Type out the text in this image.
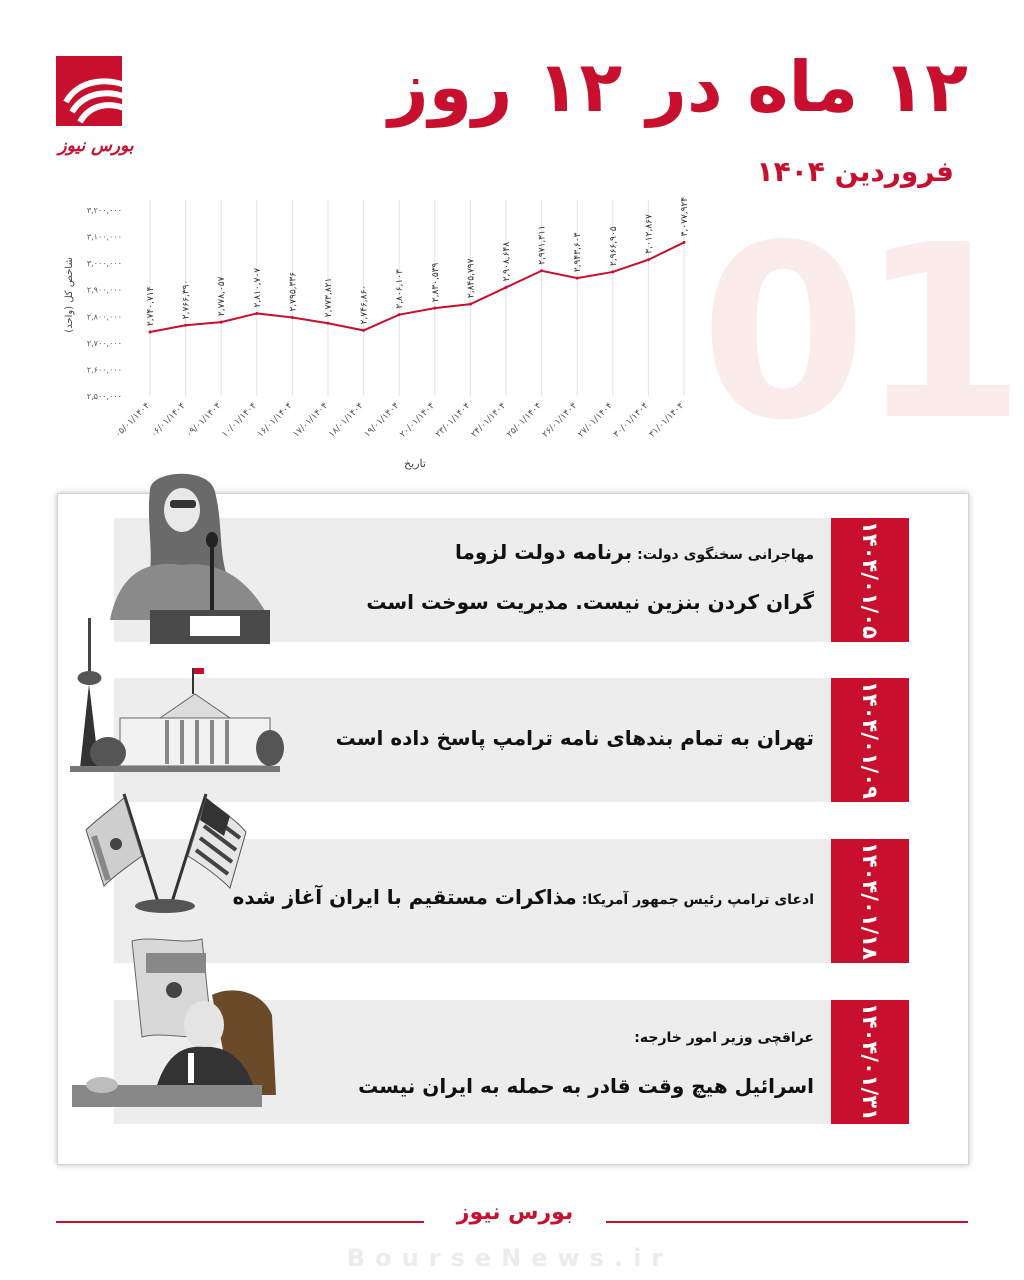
بورس نیوز
۱۲ ماه در ۱۲ روز
فروردین ۱۴۰۴
01
۳,۲۰۰,۰۰۰
۳,۱۰۰,۰۰۰
۳,۰۰۰,۰۰۰
۲,۹۰۰,۰۰۰
۲,۸۰۰,۰۰۰
۲,۷۰۰,۰۰۰
۲,۶۰۰,۰۰۰
۲,۵۰۰,۰۰۰
۰۵/۰۱/۱۴۰۴
۰۶/۰۱/۱۴۰۴
۰۹/۰۱/۱۴۰۴
۱۰/۰۱/۱۴۰۴
۱۶/۰۱/۱۴۰۴
۱۷/۰۱/۱۴۰۴
۱۸/۰۱/۱۴۰۴
۱۹/۰۱/۱۴۰۴
۲۰/۰۱/۱۴۰۴
۲۳/۰۱/۱۴۰۴
۲۴/۰۱/۱۴۰۴
۲۵/۰۱/۱۴۰۴
۲۶/۰۱/۱۴۰۴
۲۷/۰۱/۱۴۰۴
۳۰/۰۱/۱۴۰۴
۳۱/۰۱/۱۴۰۴
۲,۷۴۰,۷۱۴	۲,۷۶۶,۳۹۰	۲,۷۷۸,۰۵۷	۲,۸۱۰,۷۰۷	۲,۷۹۵,۳۳۶	۲,۷۷۳,۸۲۱	۲,۷۴۶,۸۶۰	۲,۸۰۶,۱۰۳	۲,۸۳۰,۵۳۹	۲,۸۴۵,۷۹۷	۲,۹۰۸,۶۴۸	۲,۹۷۱,۳۱۱	۲,۹۴۳,۶۰۳	۲,۹۶۶,۹۰۵	۳,۰۱۲,۸۶۷	۳,۰۷۷,۹۲۴
شاخص کل (واحد)
تاریخ
۱۴۰۴/۰۱/۰۵
مهاجرانی سخنگوی دولت: برنامه دولت لزوما
گران کردن بنزین نیست. مدیریت سوخت است
۱۴۰۴/۰۱/۰۹
تهران به تمام بندهای نامه ترامپ پاسخ داده است
۱۴۰۴/۰۱/۱۸
ادعای ترامپ رئیس جمهور آمریکا: مذاکرات مستقیم با ایران آغاز شده
۱۴۰۴/۰۱/۳۱
عراقچی وزیر امور خارجه:
اسرائیل هیچ وقت قادر به حمله به ایران نیست
بورس نیوز
BourseNews.ir
